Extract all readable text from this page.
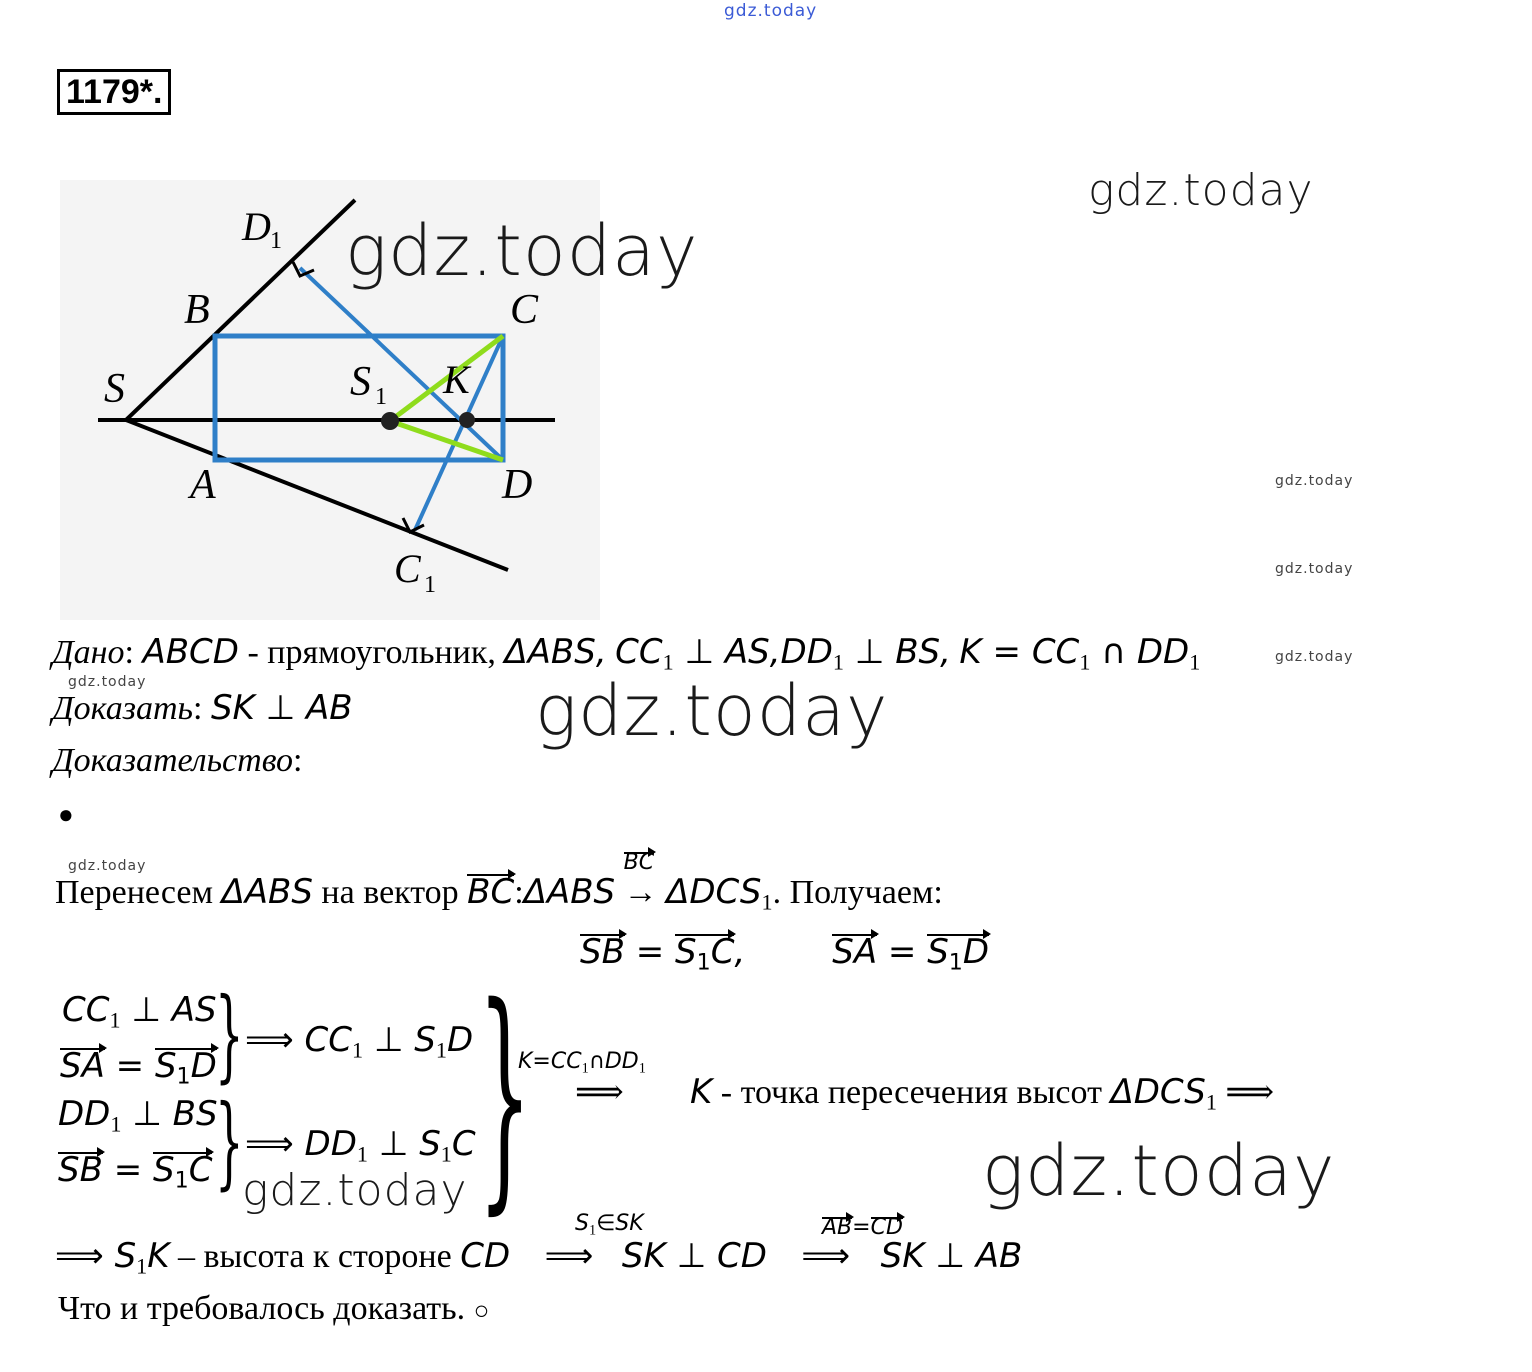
gdz.today
1179*.
D 1
B	C
S	S 1 K
A	D
C 1
gdz.today
gdz.today
gdz.today
gdz.today
gdz.today
Дано: ABCD - прямоугольник, ΔABS, $CC_1$ ⊥ $AS,DD_1$ ⊥ BS, $K = CC_1$ ∩ $DD_1$
gdz.today
Доказать: SK ⊥ AB	gdz.today
Доказательство:
●
gdz.today
Перенесем ΔABS на вектор BC:ΔABS
BC
→ $\Delta DCS_1$. Получаем:
SB = $S_1C$,	SA = $S_1D$
$CC_1$ ⊥ AS
SA = $S_1D$
} ⟹ $CC_1$ ⊥ $S_1D$
$DD_1$ ⊥ BS
SB = $S_1C$ } ⟹ $DD_1$ ⊥ $S_1C$ }
$K=CC_1\cap DD_1$
⟹ K - точка пересечения высот $\Delta DCS_1$ ⟹
gdz.today
gdz.today
$S_1\in SK$	AB=CD
⟹ $S_1K$ – высота к стороне CD ⟹ SK ⊥ CD ⟹ SK ⊥ AB
Что и требовалось доказать. ○
